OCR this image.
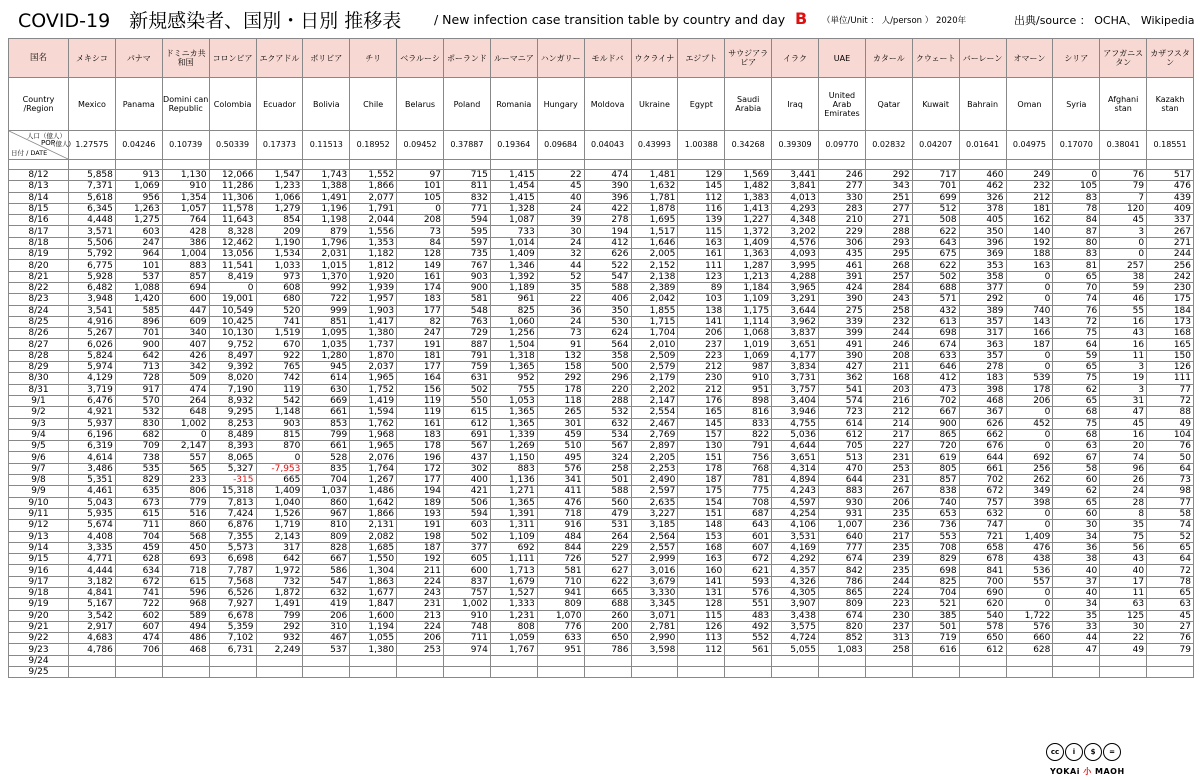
COVID-19　新規感染者、国別・日別 推移表	/ New infection case transition table by country and day B （単位/Unit ： 人/person ） 2020年	出典/source ： OCHA、 Wikipedia
国名	メキシコ	パナマ	ドミニカ共和国	コロンビア	エクアドル	ボリビア	チリ	ベラルーシ	ポーランド	ルーマニア	ハンガリー	モルドバ	ウクライナ	エジプト	サウジアラビア	イラク	UAE	カタール	クウェート	バーレーン	オマーン	シリア	アフガニスタン	カザフスタン
Country /Region	Mexico	Panama	Domini can Republic	Colombia	Ecuador	Bolivia	Chile	Belarus	Poland	Romania	Hungary	Moldova	Ukraine	Egypt	Saudi Arabia	Iraq	United Arab Emirates	Qatar	Kuwait	Bahrain	Oman	Syria	Afghani stan	Kazakh stan

人口（億人）
POP
(億人)
日付 / DATE	1.27575	0.04246	0.10739	0.50339	0.17373	0.11513	0.18952	0.09452	0.37887	0.19364	0.09684	0.04043	0.43993	1.00388	0.34268	0.39309	0.09770	0.02832	0.04207	0.01641	0.04975	0.17070	0.38041	0.18551

8/12	5,858	913	1,130	12,066	1,547	1,743	1,552	97	715	1,415	22	474	1,481	129	1,569	3,441	246	292	717	460	249	0	76	517
8/13	7,371	1,069	910	11,286	1,233	1,388	1,866	101	811	1,454	45	390	1,632	145	1,482	3,841	277	343	701	462	232	105	79	476
8/14	5,618	956	1,354	11,306	1,066	1,491	2,077	105	832	1,415	40	396	1,781	112	1,383	4,013	330	251	699	326	212	83	7	439
8/15	6,345	1,263	1,057	11,578	1,279	1,196	1,791	0	771	1,328	24	422	1,878	116	1,413	4,293	283	277	512	378	181	78	120	409
8/16	4,448	1,275	764	11,643	854	1,198	2,044	208	594	1,087	39	278	1,695	139	1,227	4,348	210	271	508	405	162	84	45	337
8/17	3,571	603	428	8,328	209	879	1,556	73	595	733	30	194	1,517	115	1,372	3,202	229	288	622	350	140	87	3	267
8/18	5,506	247	386	12,462	1,190	1,796	1,353	84	597	1,014	24	412	1,646	163	1,409	4,576	306	293	643	396	192	80	0	271
8/19	5,792	964	1,004	13,056	1,534	2,031	1,182	128	735	1,409	32	626	2,005	161	1,363	4,093	435	295	675	369	188	83	0	244
8/20	6,775	101	883	11,541	1,033	1,015	1,812	149	767	1,346	44	522	2,152	111	1,287	3,995	461	268	622	353	163	81	257	256
8/21	5,928	537	857	8,419	973	1,370	1,920	161	903	1,392	52	547	2,138	123	1,213	4,288	391	257	502	358	0	65	38	242
8/22	6,482	1,088	694	0	608	992	1,939	174	900	1,189	35	588	2,389	89	1,184	3,965	424	284	688	377	0	70	59	230
8/23	3,948	1,420	600	19,001	680	722	1,957	183	581	961	22	406	2,042	103	1,109	3,291	390	243	571	292	0	74	46	175
8/24	3,541	585	447	10,549	520	999	1,903	177	548	825	36	350	1,855	138	1,175	3,644	275	258	432	389	740	76	55	184
8/25	4,916	896	609	10,425	741	851	1,417	82	763	1,060	24	530	1,715	141	1,114	3,962	339	232	613	357	143	72	16	173
8/26	5,267	701	340	10,130	1,519	1,095	1,380	247	729	1,256	73	624	1,704	206	1,068	3,837	399	244	698	317	166	75	43	168
8/27	6,026	900	407	9,752	670	1,035	1,737	191	887	1,504	91	564	2,010	237	1,019	3,651	491	246	674	363	187	64	16	165
8/28	5,824	642	426	8,497	922	1,280	1,870	181	791	1,318	132	358	2,509	223	1,069	4,177	390	208	633	357	0	59	11	150
8/29	5,974	713	342	9,392	765	945	2,037	177	759	1,365	158	500	2,579	212	987	3,834	427	211	646	278	0	65	3	126
8/30	4,129	728	509	8,020	742	614	1,965	164	631	952	292	296	2,179	230	910	3,731	362	168	412	183	539	75	19	111
8/31	3,719	917	474	7,190	119	630	1,752	156	502	755	178	220	2,202	212	951	3,757	541	203	473	398	178	62	3	77
9/1	6,476	570	264	8,932	542	669	1,419	119	550	1,053	118	288	2,147	176	898	3,404	574	216	702	468	206	65	31	72
9/2	4,921	532	648	9,295	1,148	661	1,594	119	615	1,365	265	532	2,554	165	816	3,946	723	212	667	367	0	68	47	88
9/3	5,937	830	1,002	8,253	903	853	1,762	161	612	1,365	301	632	2,467	145	833	4,755	614	214	900	626	452	75	45	49
9/4	6,196	682	0	8,489	815	799	1,968	183	691	1,339	459	534	2,769	157	822	5,036	612	217	865	662	0	68	16	104
9/5	6,319	709	2,147	8,393	870	661	1,965	178	567	1,269	510	567	2,897	130	791	4,644	705	227	720	676	0	63	20	76
9/6	4,614	738	557	8,065	0	528	2,076	196	437	1,150	495	324	2,205	151	756	3,651	513	231	619	644	692	67	74	50
9/7	3,486	535	565	5,327	-7,953	835	1,764	172	302	883	576	258	2,253	178	768	4,314	470	253	805	661	256	58	96	64
9/8	5,351	829	233	-315	665	704	1,267	177	400	1,136	341	501	2,490	187	781	4,894	644	231	857	702	262	60	26	73
9/9	4,461	635	806	15,318	1,409	1,037	1,486	194	421	1,271	411	588	2,597	175	775	4,243	883	267	838	672	349	62	24	98
9/10	5,043	673	779	7,813	1,040	860	1,642	189	506	1,365	476	560	2,635	154	708	4,597	930	206	740	757	398	65	28	77
9/11	5,935	615	516	7,424	1,526	967	1,866	193	594	1,391	718	479	3,227	151	687	4,254	931	235	653	632	0	60	8	58
9/12	5,674	711	860	6,876	1,719	810	2,131	191	603	1,311	916	531	3,185	148	643	4,106	1,007	236	736	747	0	30	35	74
9/13	4,408	704	568	7,355	2,143	809	2,082	198	502	1,109	484	264	2,564	153	601	3,531	640	217	553	721	1,409	34	75	52
9/14	3,335	459	450	5,573	317	828	1,685	187	377	692	844	229	2,557	168	607	4,169	777	235	708	658	476	36	56	65
9/15	4,771	628	693	6,698	642	667	1,550	192	605	1,111	726	527	2,999	163	672	4,292	674	239	829	678	438	38	43	64
9/16	4,444	634	718	7,787	1,972	586	1,304	211	600	1,713	581	627	3,016	160	621	4,357	842	235	698	841	536	40	40	72
9/17	3,182	672	615	7,568	732	547	1,863	224	837	1,679	710	622	3,679	141	593	4,326	786	244	825	700	557	37	17	78
9/18	4,841	741	596	6,526	1,872	632	1,677	243	757	1,527	941	665	3,330	131	576	4,305	865	224	704	690	0	40	11	65
9/19	5,167	722	968	7,927	1,491	419	1,847	231	1,002	1,333	809	688	3,345	128	551	3,907	809	223	521	620	0	34	63	63
9/20	3,542	602	589	6,678	799	206	1,600	213	910	1,231	1,070	260	3,071	115	483	3,438	674	230	385	540	1,722	35	125	45
9/21	2,917	607	494	5,359	292	310	1,194	224	748	808	776	200	2,781	126	492	3,575	820	237	501	578	576	33	30	27
9/22	4,683	474	486	7,102	932	467	1,055	206	711	1,059	633	650	2,990	113	552	4,724	852	313	719	650	660	44	22	76
9/23	4,786	706	468	6,731	2,249	537	1,380	253	974	1,767	951	786	3,598	112	561	5,055	1,083	258	616	612	628	47	49	79
9/24																								
9/25																								
cc i $ = YOKAi 小 MAOH
